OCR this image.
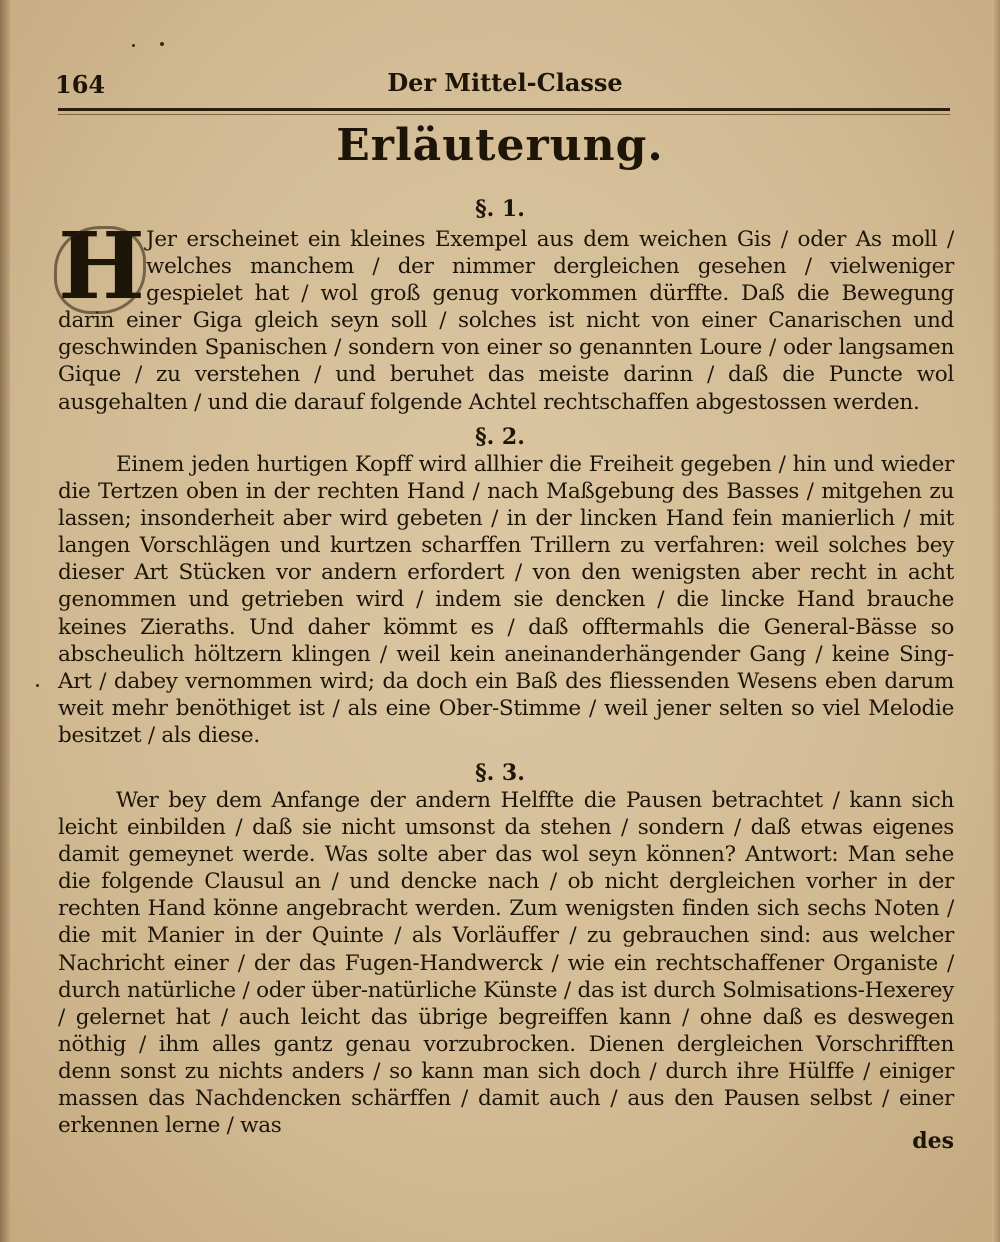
164	Der Mittel-Classe
Erläuterung.
§. 1.
H Jer erscheinet ein kleines Exempel aus dem weichen Gis / oder As moll / welches manchem / der nimmer dergleichen gesehen / vielweniger gespielet hat / wol groß genug vorkommen dürffte. Daß die Bewegung darin einer Giga gleich seyn soll / solches ist nicht von einer Canarischen und geschwinden Spanischen / sondern von einer so genannten Loure / oder langsamen Gique / zu verstehen / und beruhet das meiste darinn / daß die Puncte wol ausgehalten / und die darauf folgende Achtel rechtschaffen abgestossen werden.
§. 2.
Einem jeden hurtigen Kopff wird allhier die Freiheit gegeben / hin und wieder die Tertzen oben in der rechten Hand / nach Maßgebung des Basses / mitgehen zu lassen; insonderheit aber wird gebeten / in der lincken Hand fein manierlich / mit langen Vorschlägen und kurtzen scharffen Trillern zu verfahren: weil solches bey dieser Art Stücken vor andern erfordert / von den wenigsten aber recht in acht genommen und getrieben wird / indem sie dencken / die lincke Hand brauche keines Zieraths. Und daher kömmt es / daß offtermahls die General-Bässe so abscheulich höltzern klingen / weil kein aneinanderhängender Gang / keine Sing-Art / dabey vernommen wird; da doch ein Baß des fliessenden Wesens eben darum weit mehr benöthiget ist / als eine Ober-Stimme / weil jener selten so viel Melodie besitzet / als diese.
§. 3.
Wer bey dem Anfange der andern Helffte die Pausen betrachtet / kann sich leicht einbilden / daß sie nicht umsonst da stehen / sondern / daß etwas eigenes damit gemeynet werde. Was solte aber das wol seyn können? Antwort: Man sehe die folgende Clausul an / und dencke nach / ob nicht dergleichen vorher in der rechten Hand könne angebracht werden. Zum wenigsten finden sich sechs Noten / die mit Manier in der Quinte / als Vorläuffer / zu gebrauchen sind: aus welcher Nachricht einer / der das Fugen-Handwerck / wie ein rechtschaffener Organiste / durch natürliche / oder über-natürliche Künste / das ist durch Solmisations-Hexerey / gelernet hat / auch leicht das übrige begreiffen kann / ohne daß es deswegen nöthig / ihm alles gantz genau vorzubrocken. Dienen dergleichen Vorschrifften denn sonst zu nichts anders / so kann man sich doch / durch ihre Hülffe / einiger massen das Nachdencken schärffen / damit auch / aus den Pausen selbst / einer erkennen lerne / was
des
